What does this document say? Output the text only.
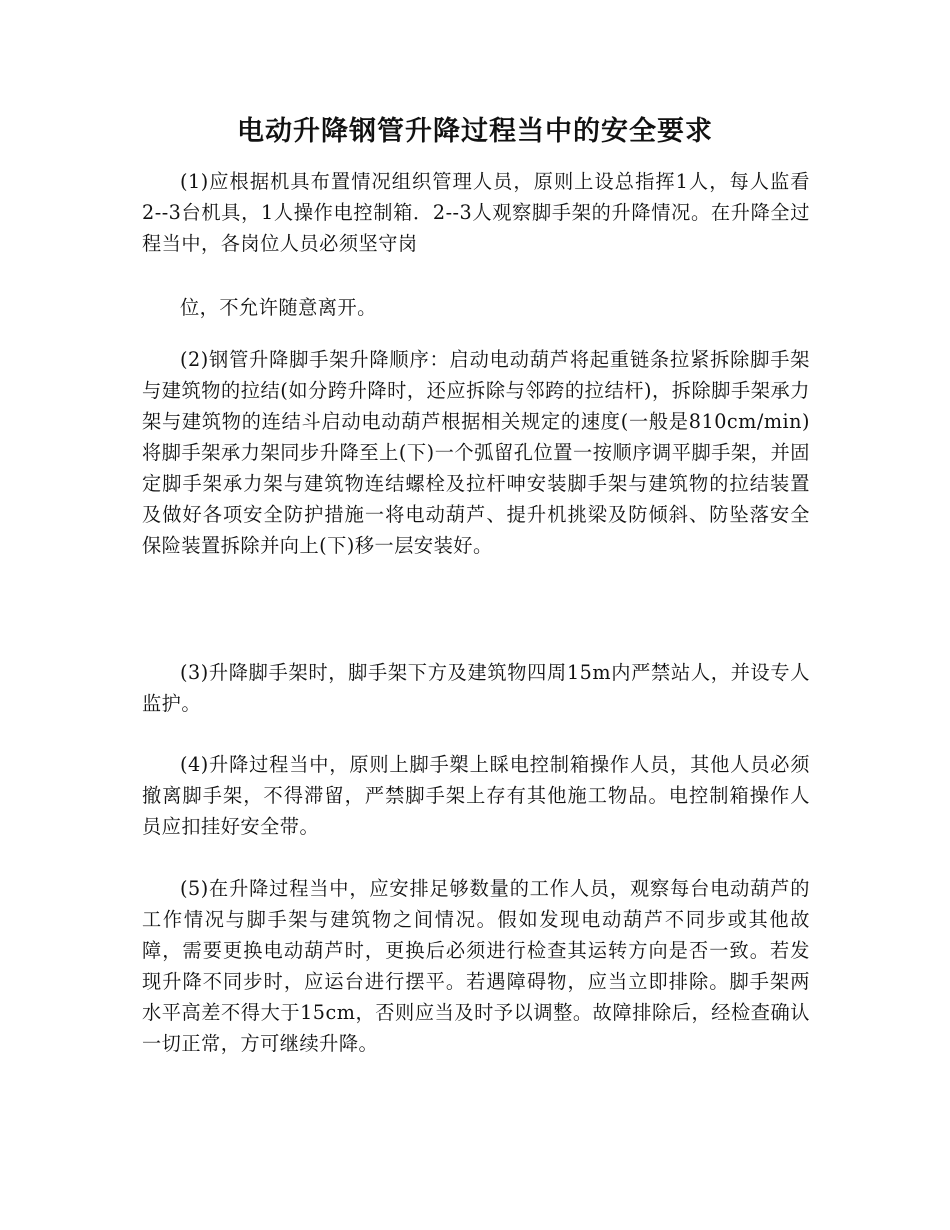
电动升降钢管升降过程当中的安全要求

(1)应根据机具布置情况组织管理人员，原则上设总指挥1人，每人监看2--3台机具，1人操作电控制箱．2--3人观察脚手架的升降情况。在升降全过程当中，各岗位人员必须坚守岗

位，不允许随意离开。

(2)钢管升降脚手架升降顺序：启动电动葫芦将起重链条拉紧拆除脚手架与建筑物的拉结(如分跨升降时，还应拆除与邻跨的拉结杆)，拆除脚手架承力架与建筑物的连结斗启动电动葫芦根据相关规定的速度(一般是810cm/min)将脚手架承力架同步升降至上(下)一个弧留孔位置一按顺序调平脚手架，并固定脚手架承力架与建筑物连结螺栓及拉杆呻安装脚手架与建筑物的拉结装置及做好各项安全防护措施一将电动葫芦、提升机挑梁及防倾斜、防坠落安全保险装置拆除并向上(下)移一层安装好。

(3)升降脚手架时，脚手架下方及建筑物四周15m内严禁站人，并设专人监护。

(4)升降过程当中，原则上脚手槊上睬电控制箱操作人员，其他人员必须撤离脚手架，不得滞留，严禁脚手架上存有其他施工物品。电控制箱操作人员应扣挂好安全带。

(5)在升降过程当中，应安排足够数量的工作人员，观察每台电动葫芦的工作情况与脚手架与建筑物之间情况。假如发现电动葫芦不同步或其他故障，需要更换电动葫芦时，更换后必须进行检查其运转方向是否一致。若发现升降不同步时，应运台进行摆平。若遇障碍物，应当立即排除。脚手架两水平高差不得大于15cm，否则应当及时予以调整。故障排除后，经检查确认一切正常，方可继续升降。
